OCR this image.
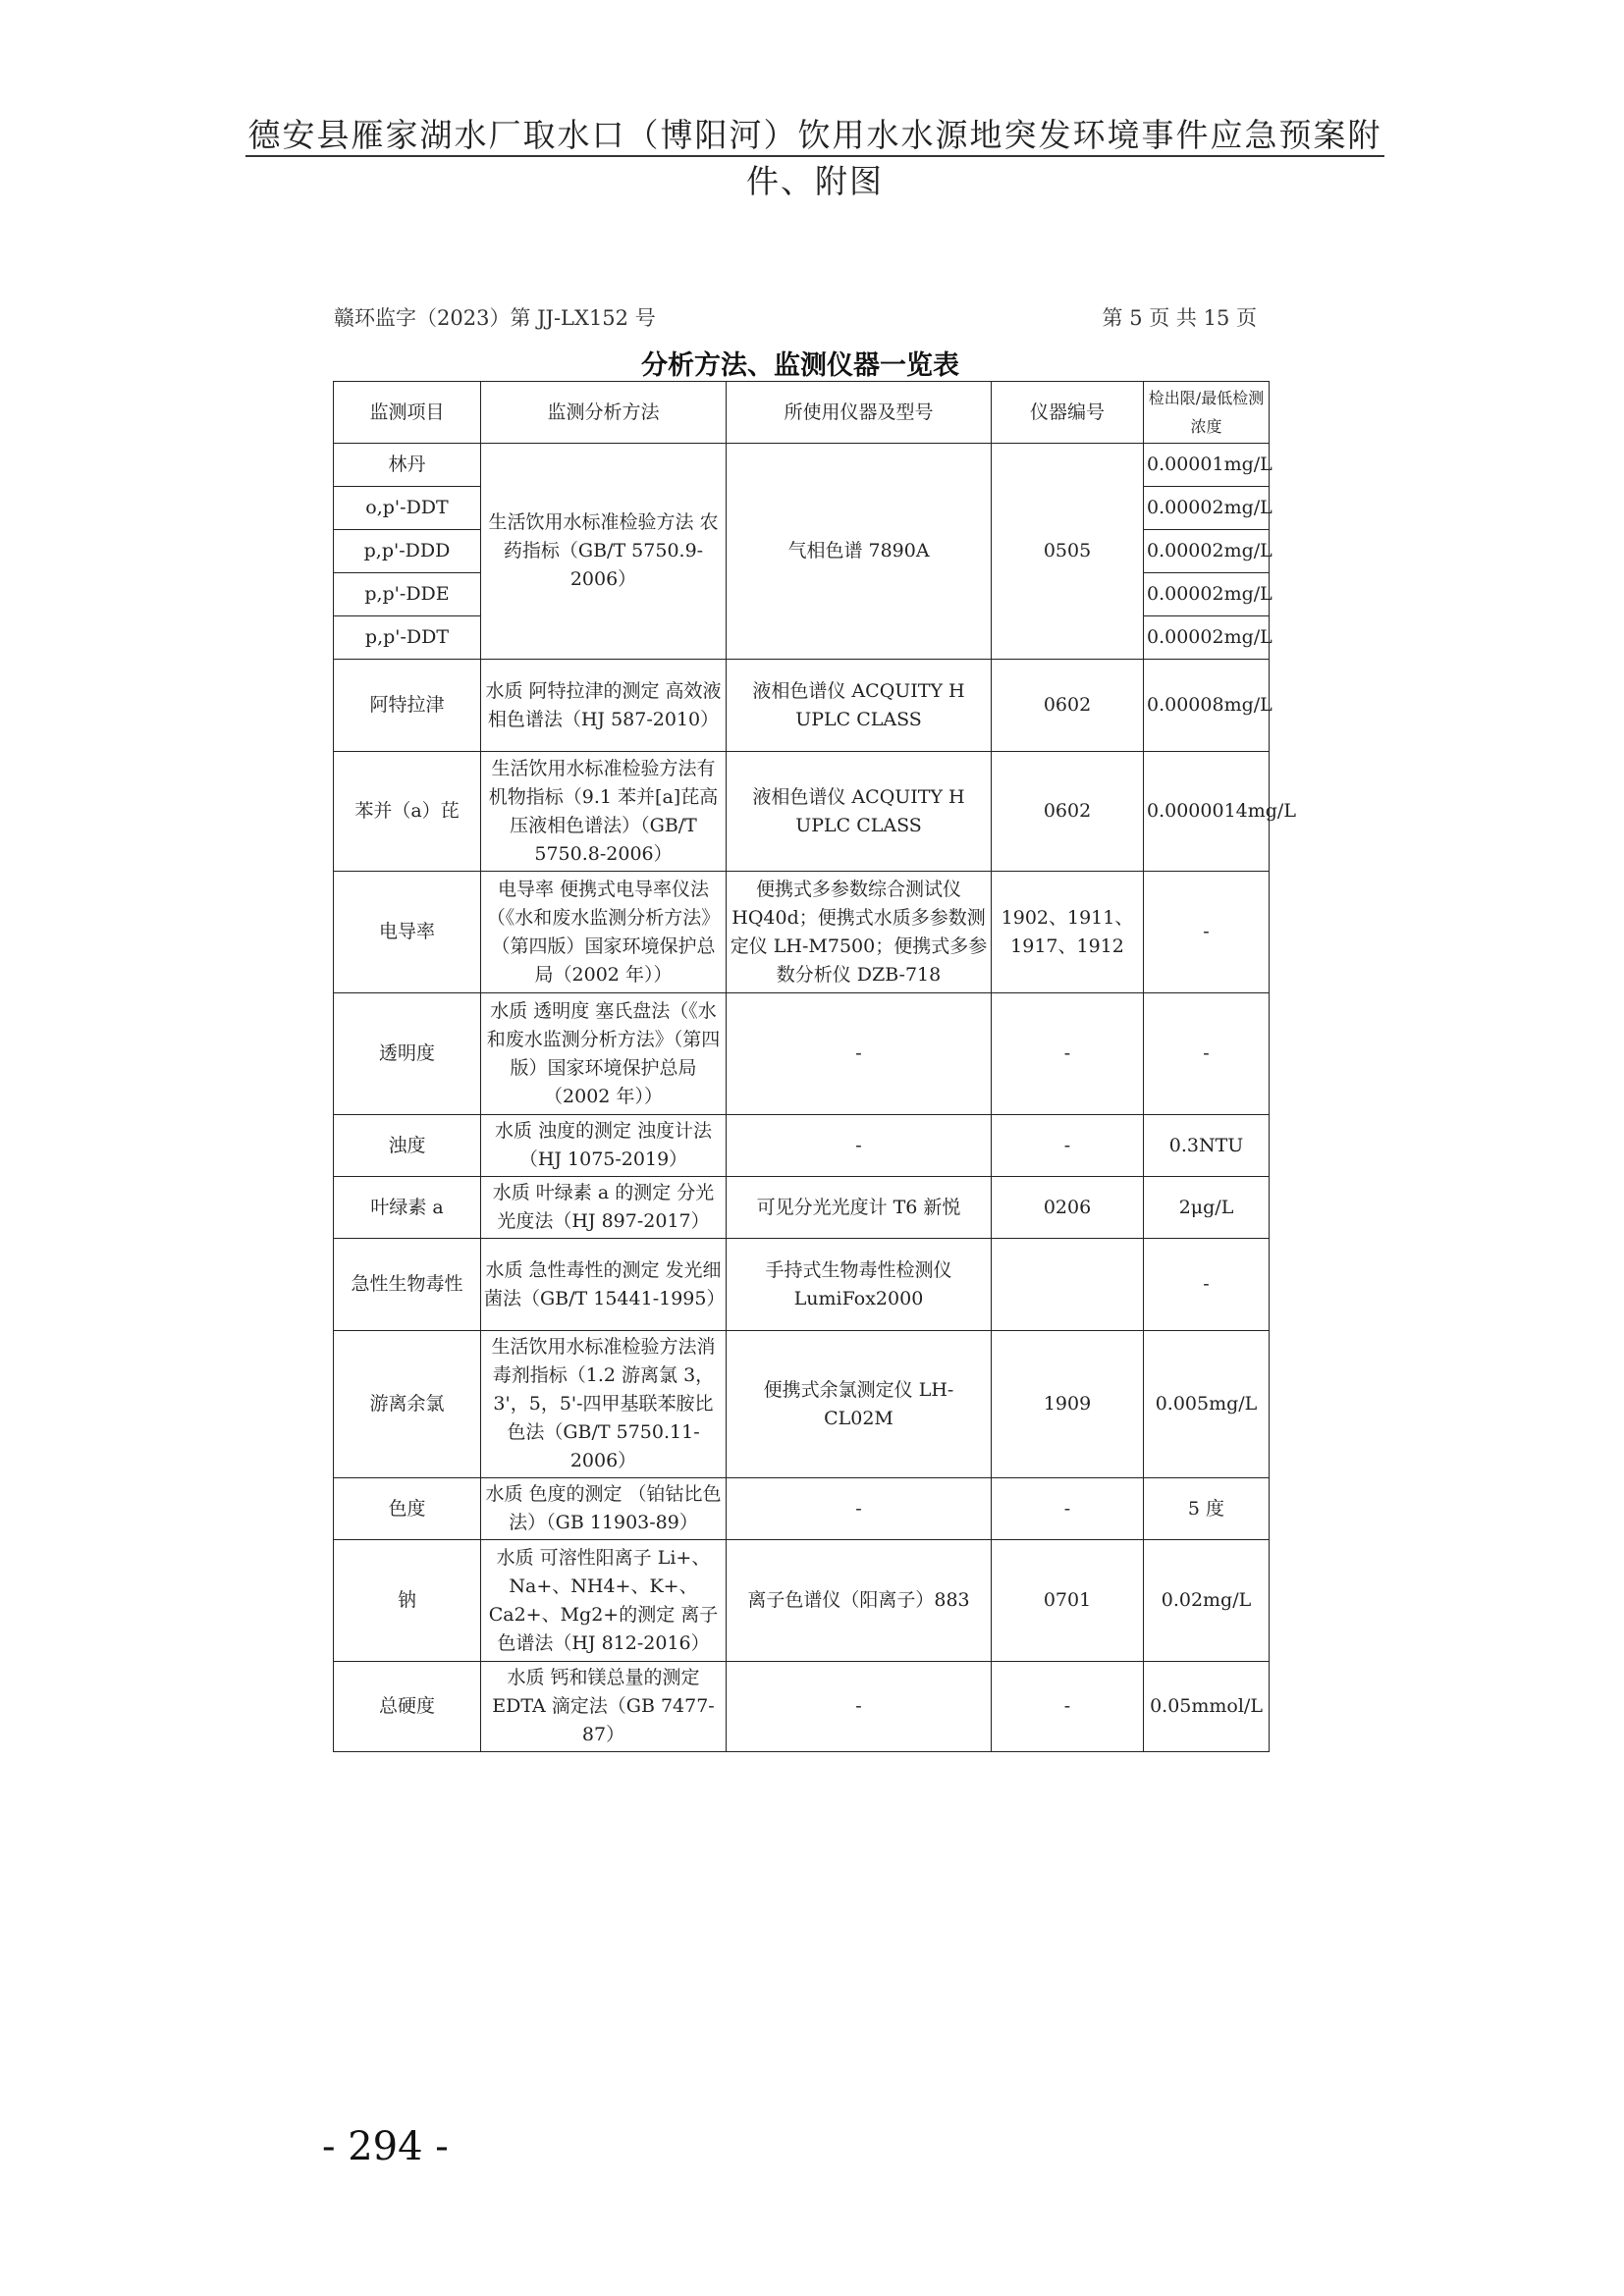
德安县雁家湖水厂取水口（博阳河）饮用水水源地突发环境事件应急预案附件、附图
赣环监字（2023）第 JJ-LX152 号	第 5 页 共 15 页
分析方法、监测仪器一览表
监测项目	监测分析方法	所使用仪器及型号	仪器编号	检出限/最低检测浓度
林丹	生活饮用水标准检验方法 农药指标（GB/T 5750.9-2006）	气相色谱 7890A	0505	0.00001mg/L
o,p'-DDT				0.00002mg/L
p,p'-DDD				0.00002mg/L
p,p'-DDE				0.00002mg/L
p,p'-DDT				0.00002mg/L
阿特拉津	水质 阿特拉津的测定 高效液相色谱法（HJ 587-2010）	液相色谱仪 ACQUITY H UPLC CLASS	0602	0.00008mg/L
苯并（a）芘	生活饮用水标准检验方法有机物指标（9.1 苯并[a]芘高压液相色谱法）（GB/T 5750.8-2006）	液相色谱仪 ACQUITY H UPLC CLASS	0602	0.0000014mg/L
电导率	电导率 便携式电导率仪法（《水和废水监测分析方法》（第四版）国家环境保护总局（2002 年））	便携式多参数综合测试仪 HQ40d；便携式水质多参数测定仪 LH-M7500；便携式多参数分析仪 DZB-718	1902、1911、1917、1912	-
透明度	水质 透明度 塞氏盘法（《水和废水监测分析方法》（第四版）国家环境保护总局（2002 年））	-	-	-
浊度	水质 浊度的测定 浊度计法（HJ 1075-2019）	-	-	0.3NTU
叶绿素 a	水质 叶绿素 a 的测定 分光光度法（HJ 897-2017）	可见分光光度计 T6 新悦	0206	2μg/L
急性生物毒性	水质 急性毒性的测定 发光细菌法（GB/T 15441-1995）	手持式生物毒性检测仪 LumiFox2000		-
游离余氯	生活饮用水标准检验方法消毒剂指标（1.2 游离氯 3，3'，5，5'-四甲基联苯胺比色法（GB/T 5750.11-2006）	便携式余氯测定仪 LH-CL02M	1909	0.005mg/L
色度	水质 色度的测定 （铂钴比色法）（GB 11903-89）	-	-	5 度
钠	水质 可溶性阳离子 Li+、Na+、NH4+、K+、Ca2+、Mg2+的测定 离子色谱法（HJ 812-2016）	离子色谱仪（阳离子）883	0701	0.02mg/L
总硬度	水质 钙和镁总量的测定 EDTA 滴定法（GB 7477-87）	-	-	0.05mmol/L
- 294 -
